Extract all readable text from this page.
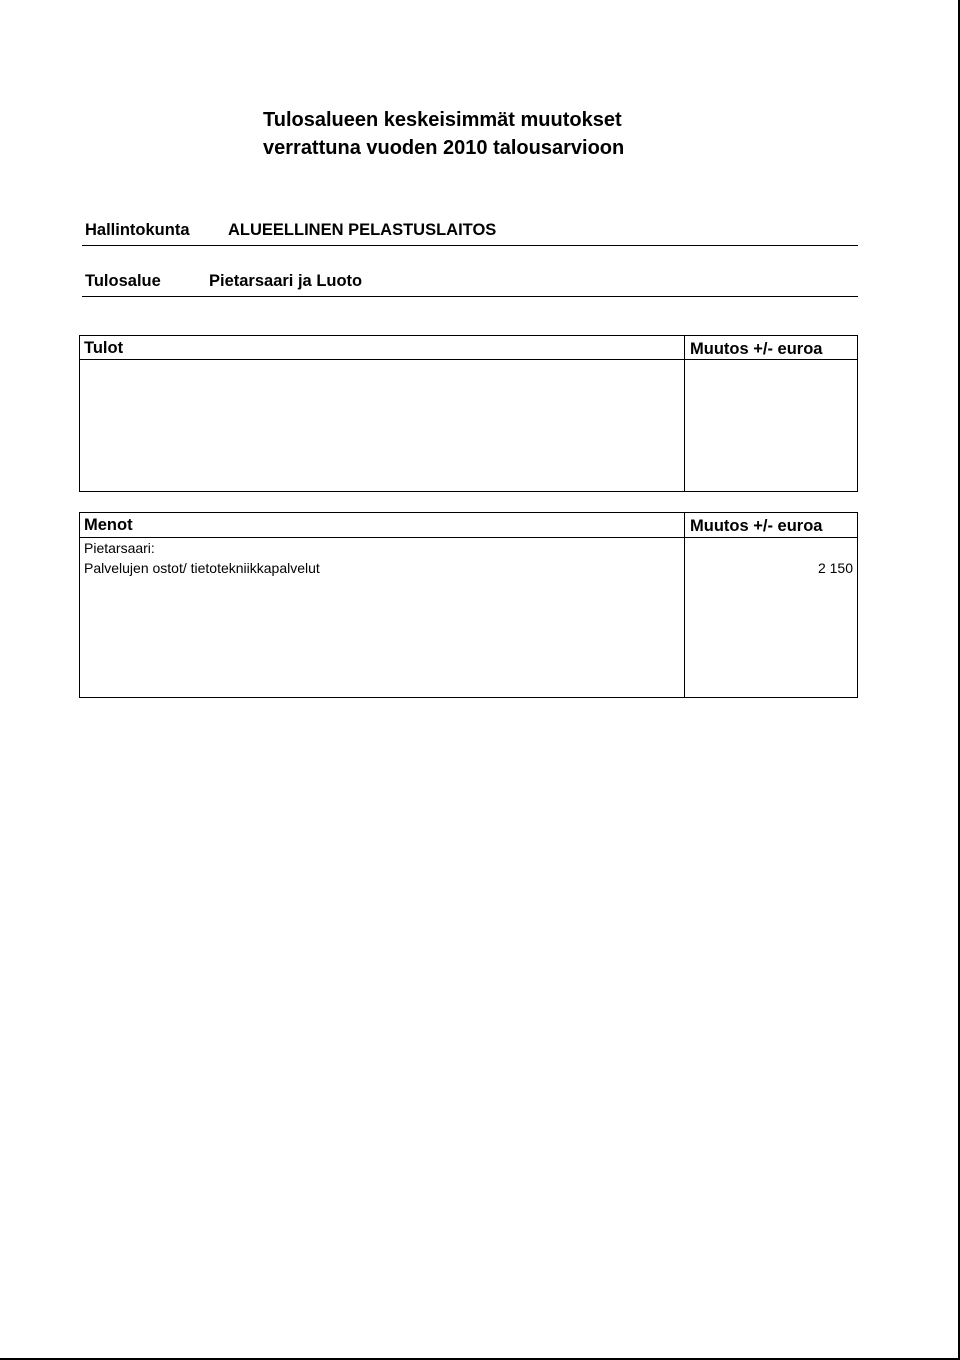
Tulosalueen keskeisimmät muutokset
verrattuna vuoden 2010 talousarvioon
Hallintokunta ALUEELLINEN PELASTUSLAITOS
Tulosalue	Pietarsaari ja Luoto
Tulot	Muutos +/- euroa
Menot	Muutos +/- euroa
Pietarsaari:
Palvelujen ostot/ tietotekniikkapalvelut	2 150
